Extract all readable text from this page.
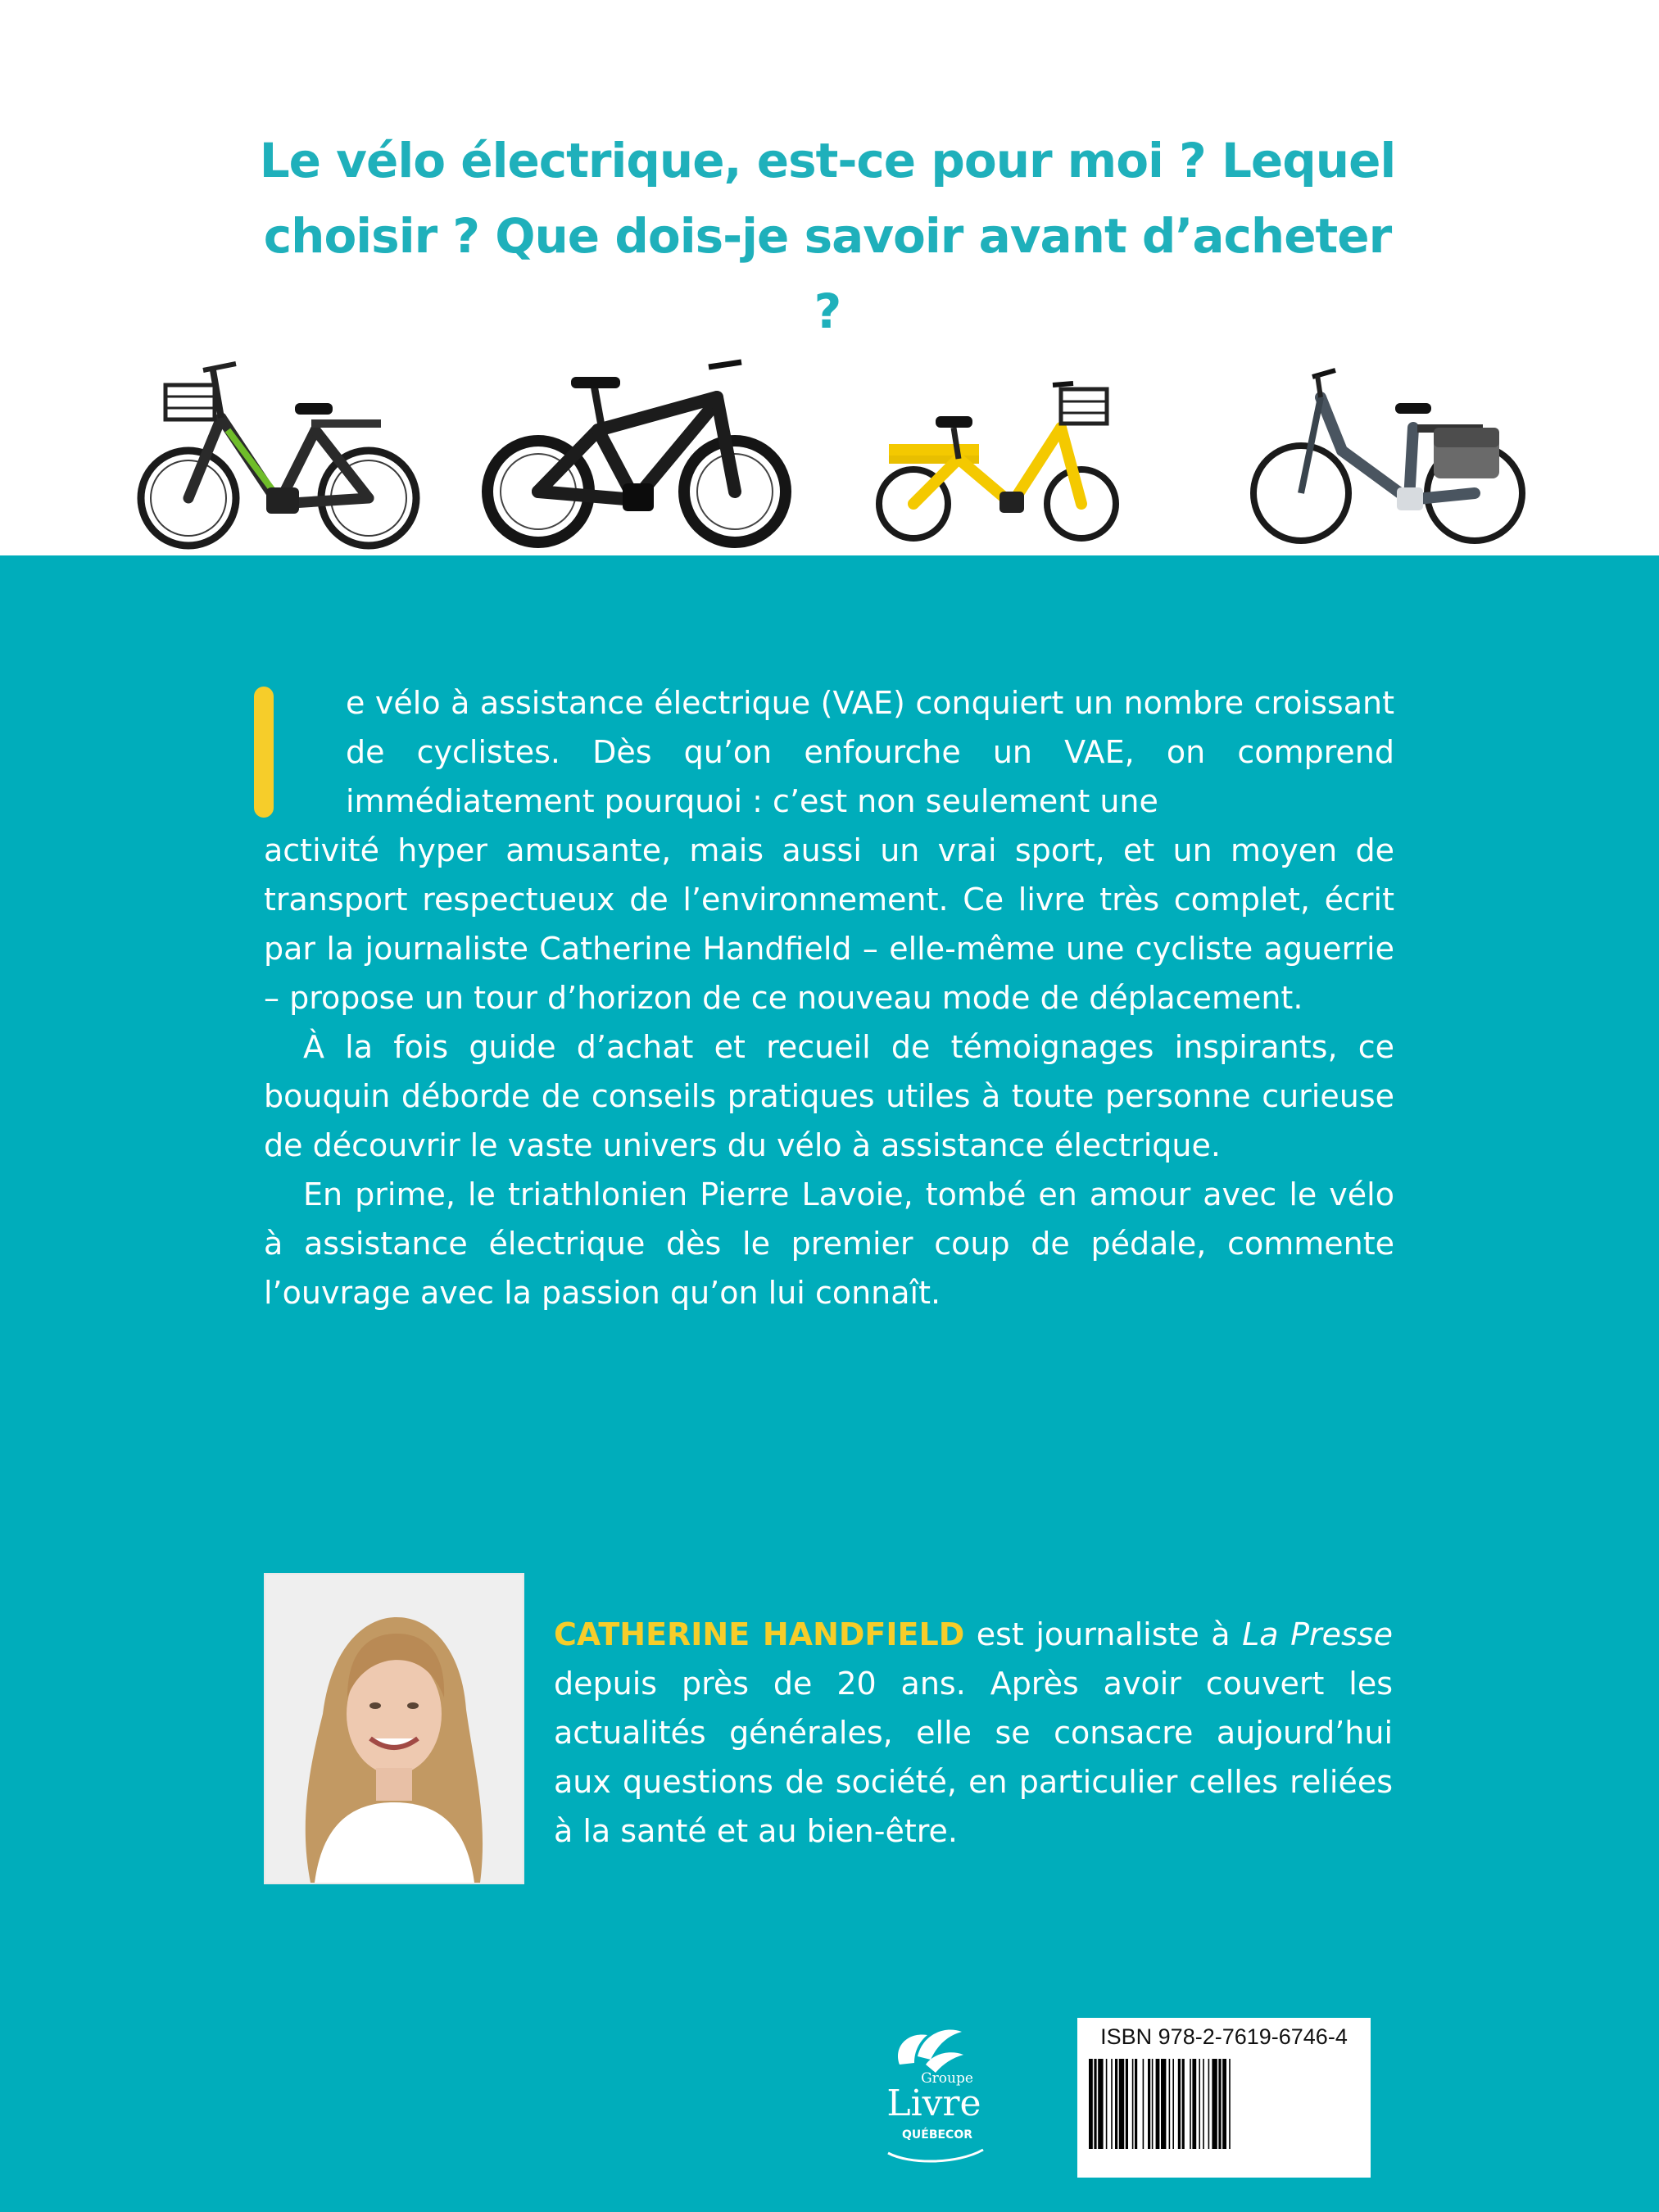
Le vélo électrique, est-ce pour moi ? Lequel
choisir ? Que dois-je savoir avant d’acheter ?

e vélo à assistance électrique (VAE) conquiert un nombre croissant de cyclistes. Dès qu’on enfourche un VAE, on comprend immédiatement pourquoi : c’est non seulement une
activité hyper amusante, mais aussi un vrai sport, et un moyen de transport respectueux de l’environnement. Ce livre très complet, écrit par la journaliste Catherine Handfield – elle-même une cycliste aguerrie – propose un tour d’horizon de ce nouveau mode de déplacement.

À la fois guide d’achat et recueil de témoignages inspirants, ce bouquin déborde de conseils pratiques utiles à toute personne curieuse de découvrir le vaste univers du vélo à assistance électrique.

En prime, le triathlonien Pierre Lavoie, tombé en amour avec le vélo à assistance électrique dès le premier coup de pédale, commente l’ouvrage avec la passion qu’on lui connaît.

CATHERINE HANDFIELD est journaliste à La Presse depuis près de 20 ans. Après avoir couvert les actualités générales, elle se consacre aujourd’hui aux questions de société, en particulier celles reliées à la santé et au bien-être.
Groupe
Livre
QUÉBECOR
ISBN 978-2-7619-6746-4
